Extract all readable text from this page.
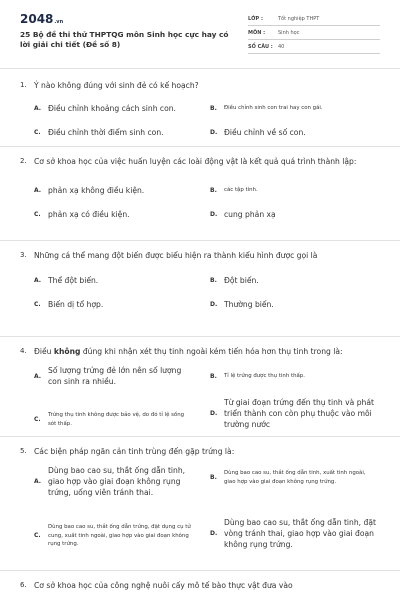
2048.vn
25 Bộ đề thi thử THPTQG môn Sinh học cực hay có lời giải chi tiết (Đề số 8)
LỚP :	Tốt nghiệp THPT
MÔN :	Sinh học
SỐ CÂU :	40
1. Ý nào không đúng với sinh đẻ có kế hoạch?
A. Điều chỉnh khoảng cách sinh con.	B.	Điều chỉnh sinh con trai hay con gái.
C. Điều chỉnh thời điểm sinh con.	D. Điều chỉnh về số con.
2. Cơ sở khoa học của việc huấn luyện các loài động vật là kết quả quá trình thành lập:
A. phản xạ không điều kiện.	B.	các tập tính.
C. phản xạ có điều kiện.	D. cung phản xạ
3. Những cá thể mang đột biến được biểu hiện ra thành kiểu hình được gọi là
A. Thể đột biến.	B. Đột biến.
C. Biến dị tổ hợp.	D. Thường biến.
4. Điều không đúng khi nhận xét thụ tinh ngoài kém tiến hóa hơn thụ tinh trong là:
A.
Số lượng trứng đẻ lớn nên số lượng con sinh ra nhiều.
B.	Tỉ lệ trứng được thụ tinh thấp.
C.
Trứng thụ tinh không được bảo vệ, do đó tỉ lệ sống sót thấp.
D.
Từ giai đoạn trứng đến thụ tinh và phát triển thành con còn phụ thuộc vào môi trường nước
5. Các biện pháp ngăn cản tinh trùng đến gặp trứng là:
A.
Dùng bao cao su, thắt ống dẫn tinh, giao hợp vào giai đoạn không rụng trứng, uống viên tránh thai.
B.
Dùng bao cao su, thắt ống dẫn tinh, xuất tinh ngoài, giao hợp vào giai đoạn không rụng trứng.
C.
Dùng bao cao su, thắt ống dẫn trứng, đặt dụng cụ tử cung, xuất tinh ngoài, giao hợp vào giai đoạn không rụng trứng.
D.
Dùng bao cao su, thắt ống dẫn tinh, đặt vòng tránh thai, giao hợp vào giai đoạn không rụng trứng.
6. Cơ sở khoa học của công nghệ nuôi cấy mô tế bào thực vật đưa vào
